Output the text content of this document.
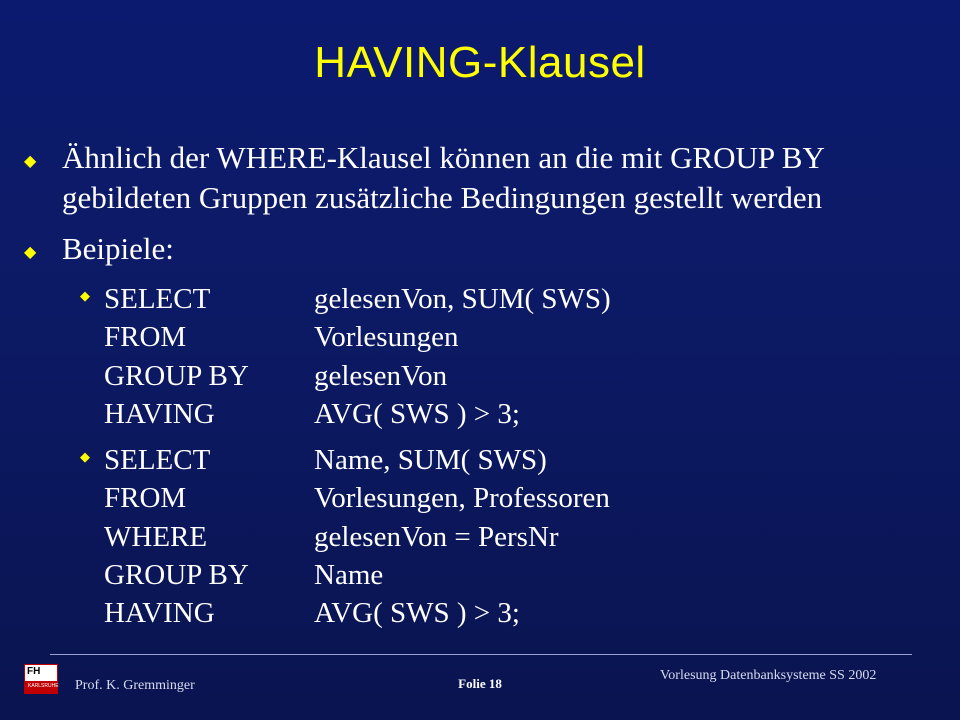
HAVING-Klausel
◆ Ähnlich der WHERE-Klausel können an die mit GROUP BY
gebildeten Gruppen zusätzliche Bedingungen gestellt werden
◆ Beipiele:
◆ SELECT	gelesenVon, SUM( SWS)
FROM	Vorlesungen
GROUP BY gelesenVon
HAVING	AVG( SWS ) > 3;
◆ SELECT	Name, SUM( SWS)
FROM	Vorlesungen, Professoren
WHERE	gelesenVon = PersNr
GROUP BY Name
HAVING	AVG( SWS ) > 3;
FH
KARLSRUHE Prof. K. Gremminger	Folie 18
Vorlesung Datenbanksysteme SS 2002
